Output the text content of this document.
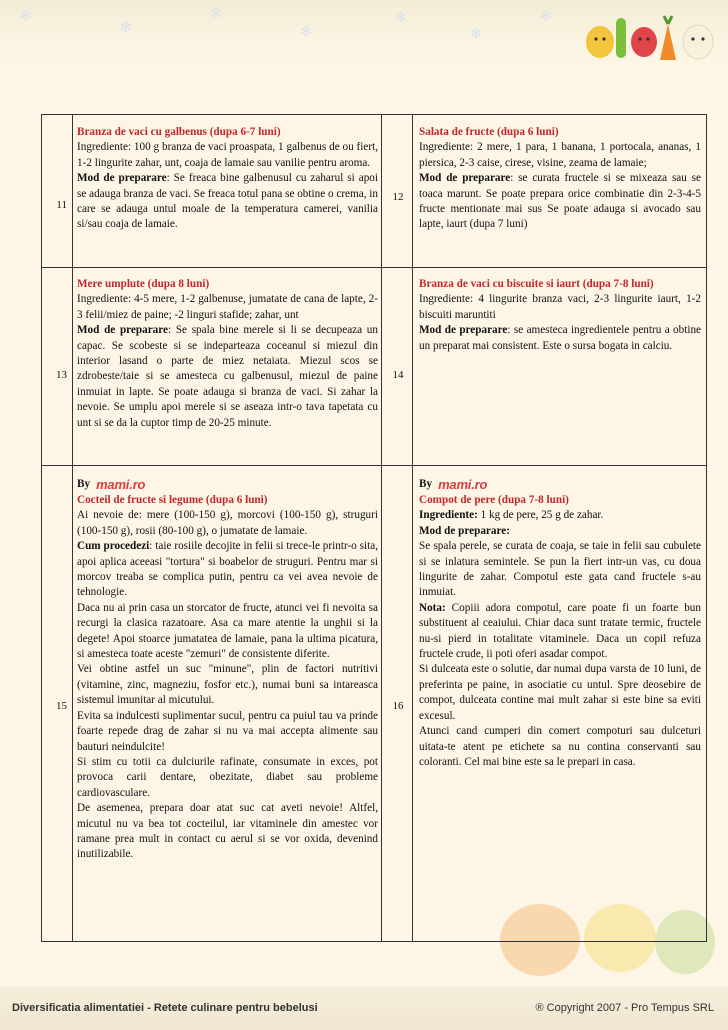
✻
✻
✻
✻
✻
✻
✻
11
Branza de vaci cu galbenus (dupa 6-7 luni)

Ingrediente: 100 g branza de vaci proaspata, 1 galbenus de ou fiert, 1-2 lingurite zahar, unt, coaja de lamaie sau vanilie pentru aroma.

Mod de preparare: Se freaca bine galbenusul cu zaharul si apoi se adauga branza de vaci. Se freaca totul pana se obtine o crema, in care se adauga untul moale de la temperatura camerei, vanilia si/sau coaja de lamaie.

12
Salata de fructe (dupa 6 luni)

Ingrediente: 2 mere, 1 para, 1 banana, 1 portocala, ananas, 1 piersica, 2-3 caise, cirese, visine, zeama de lamaie;

Mod de preparare: se curata fructele si se mixeaza sau se toaca marunt. Se poate prepara orice combinatie din 2-3-4-5 fructe mentionate mai sus Se poate adauga si avocado sau lapte, iaurt (dupa 7 luni)

13
Mere umplute (dupa 8 luni)

Ingrediente: 4-5 mere, 1-2 galbenuse, jumatate de cana de lapte, 2-3 felii/miez de paine; -2 linguri stafide; zahar, unt

Mod de preparare: Se spala bine merele si li se decupeaza un capac. Se scobeste si se indeparteaza coceanul si miezul din interior lasand o parte de miez netaiata. Miezul scos se zdrobeste/taie si se amesteca cu galbenusul, miezul de paine inmuiat in lapte. Se poate adauga si branza de vaci. Si zahar la nevoie. Se umplu apoi merele si se aseaza intr-o tava tapetata cu unt si se da la cuptor timp de 20-25 minute.

14
Branza de vaci cu biscuite si iaurt (dupa 7-8 luni)

Ingrediente: 4 lingurite branza vaci, 2-3 lingurite iaurt, 1-2 biscuiti maruntiti

Mod de preparare: se amesteca ingredientele pentru a obtine un preparat mai consistent. Este o sursa bogata in calciu.

15
By mami.ro
Cocteil de fructe si legume (dupa 6 luni)

Ai nevoie de: mere (100-150 g), morcovi (100-150 g), struguri (100-150 g), rosii (80-100 g), o jumatate de lamaie.

Cum procedezi: taie rosiile decojite in felii si trece-le printr-o sita, apoi aplica aceeasi "tortura" si boabelor de struguri. Pentru mar si morcov treaba se complica putin, pentru ca vei avea nevoie de tehnologie.

Daca nu ai prin casa un storcator de fructe, atunci vei fi nevoita sa recurgi la clasica razatoare. Asa ca mare atentie la unghii si la degete! Apoi stoarce jumatatea de lamaie, pana la ultima picatura, si amesteca toate aceste "zemuri" de consistente diferite.

Vei obtine astfel un suc "minune", plin de factori nutritivi (vitamine, zinc, magneziu, fosfor etc.), numai buni sa intareasca sistemul imunitar al micutului.

Evita sa indulcesti suplimentar sucul, pentru ca puiul tau va prinde foarte repede drag de zahar si nu va mai accepta alimente sau bauturi neindulcite!

Si stim cu totii ca dulciurile rafinate, consumate in exces, pot provoca carii dentare, obezitate, diabet sau probleme cardiovasculare.

De asemenea, prepara doar atat suc cat aveti nevoie! Altfel, micutul nu va bea tot cocteilul, iar vitaminele din amestec vor ramane prea mult in contact cu aerul si se vor oxida, devenind inutilizabile.

16
By mami.ro
Compot de pere (dupa 7-8 luni)

Ingrediente: 1 kg de pere, 25 g de zahar.

Mod de preparare:

Se spala perele, se curata de coaja, se taie in felii sau cubulete si se inlatura semintele. Se pun la fiert intr-un vas, cu doua lingurite de zahar. Compotul este gata cand fructele s-au inmuiat.

Nota: Copiii adora compotul, care poate fi un foarte bun substituent al ceaiului. Chiar daca sunt tratate termic, fructele nu-si pierd in totalitate vitaminele. Daca un copil refuza fructele crude, ii poti oferi asadar compot.

Si dulceata este o solutie, dar numai dupa varsta de 10 luni, de preferinta pe paine, in asociatie cu untul. Spre deosebire de compot, dulceata contine mai mult zahar si este bine sa eviti excesul.

Atunci cand cumperi din comert compoturi sau dulceturi uitata-te atent pe etichete sa nu contina conservanti sau coloranti. Cel mai bine este sa le prepari in casa.

Diversificatia alimentatiei - Retete culinare pentru bebelusi	® Copyright 2007 - Pro Tempus SRL
